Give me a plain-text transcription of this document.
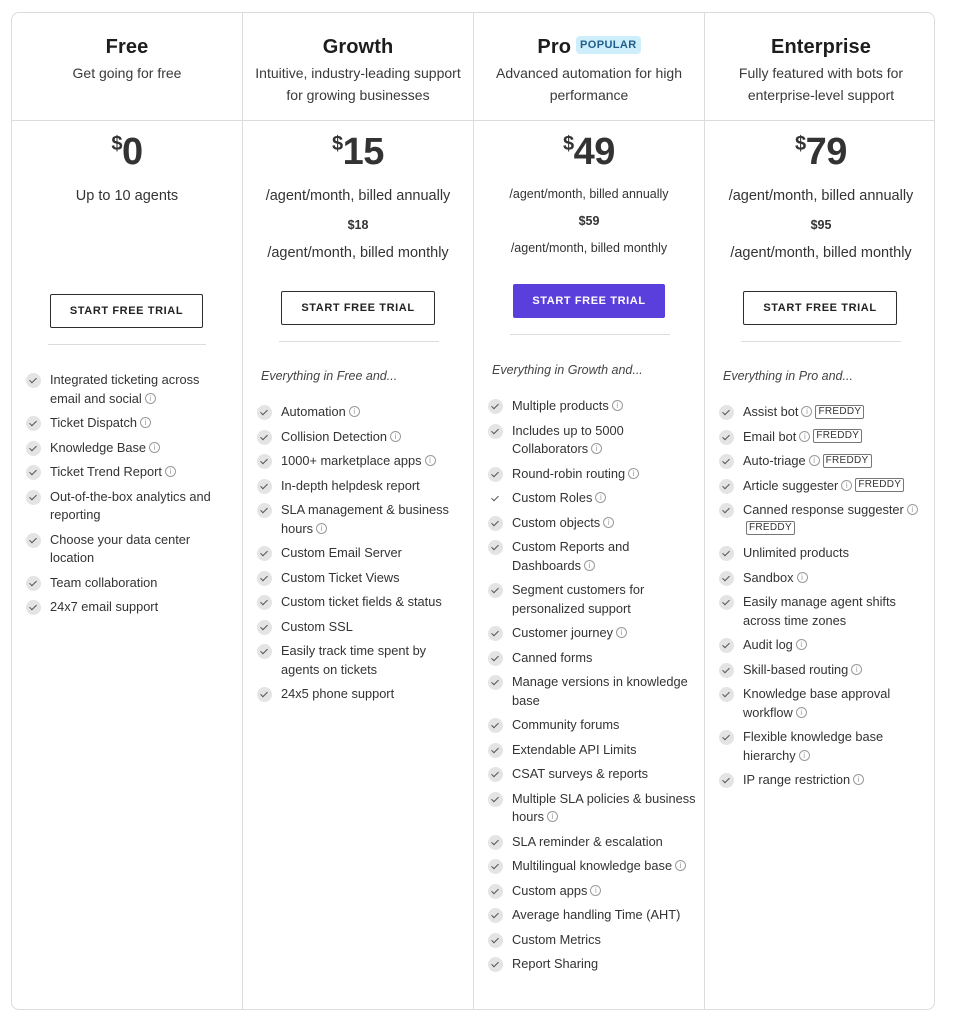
Free
Get going for free
$0
Up to 10 agents
START FREE TRIAL
Integrated ticketing across email and social i
Ticket Dispatch i
Knowledge Base i
Ticket Trend Report i
Out-of-the-box analytics and reporting
Choose your data center location
Team collaboration
24x7 email support
Growth
Intuitive, industry-leading support for growing businesses
$15
/agent/month, billed annually
$18
/agent/month, billed monthly
START FREE TRIAL
Everything in Free and...
Automation i
Collision Detection i
1000+ marketplace apps i
In-depth helpdesk report
SLA management & business hours i
Custom Email Server
Custom Ticket Views
Custom ticket fields & status
Custom SSL
Easily track time spent by agents on tickets
24x5 phone support
Pro POPULAR
Advanced automation for high performance
$49
/agent/month, billed annually
$59
/agent/month, billed monthly
START FREE TRIAL
Everything in Growth and...
Multiple products i
Includes up to 5000 Collaborators i
Round-robin routing i
Custom Roles i
Custom objects i
Custom Reports and Dashboards i
Segment customers for personalized support
Customer journey i
Canned forms
Manage versions in knowledge base
Community forums
Extendable API Limits
CSAT surveys & reports
Multiple SLA policies & business hours i
SLA reminder & escalation
Multilingual knowledge base i
Custom apps i
Average handling Time (AHT)
Custom Metrics
Report Sharing
Enterprise
Fully featured with bots for enterprise-level support
$79
/agent/month, billed annually
$95
/agent/month, billed monthly
START FREE TRIAL
Everything in Pro and...
Assist bot i FREDDY
Email bot i FREDDY
Auto-triage i FREDDY
Article suggester i FREDDY
Canned response suggester iFREDDY
Unlimited products
Sandbox i
Easily manage agent shifts across time zones
Audit log i
Skill-based routing i
Knowledge base approval workflow i
Flexible knowledge base hierarchy i
IP range restriction i
